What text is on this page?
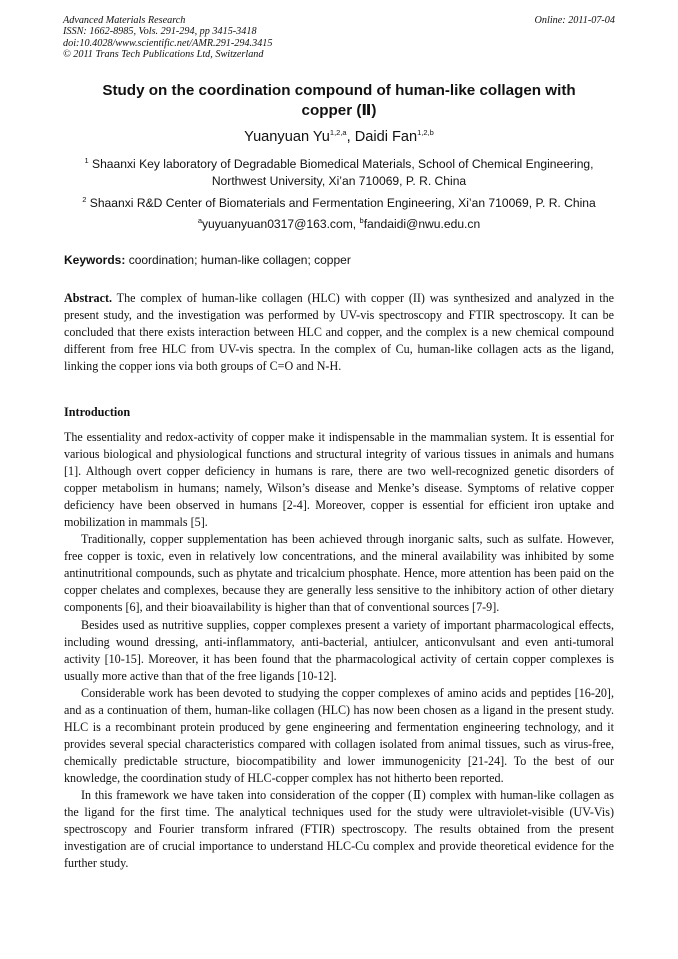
Advanced Materials Research
ISSN: 1662-8985, Vols. 291-294, pp 3415-3418
doi:10.4028/www.scientific.net/AMR.291-294.3415
© 2011 Trans Tech Publications Ltd, Switzerland
Online: 2011-07-04
Study on the coordination compound of human-like collagen with copper (Ⅱ)
Yuanyuan Yu$^{1,2,a}$, Daidi Fan$^{1,2,b}$
$^1$ Shaanxi Key laboratory of Degradable Biomedical Materials, School of Chemical Engineering, Northwest University, Xi’an 710069, P. R. China
$^2$ Shaanxi R&D Center of Biomaterials and Fermentation Engineering, Xi’an 710069, P. R. China
$^a$yuyuanyuan0317@163.com, $^b$fandaidi@nwu.edu.cn
Keywords: coordination; human-like collagen; copper
Abstract. The complex of human-like collagen (HLC) with copper (II) was synthesized and analyzed in the present study, and the investigation was performed by UV-vis spectroscopy and FTIR spectroscopy. It can be concluded that there exists interaction between HLC and copper, and the complex is a new chemical compound different from free HLC from UV-vis spectra. In the complex of Cu, human-like collagen acts as the ligand, linking the copper ions via both groups of C=O and N-H.
Introduction

The essentiality and redox-activity of copper make it indispensable in the mammalian system. It is essential for various biological and physiological functions and structural integrity of various tissues in animals and humans [1]. Although overt copper deficiency in humans is rare, there are two well-recognized genetic disorders of copper metabolism in humans; namely, Wilson’s disease and Menke’s disease. Symptoms of relative copper deficiency have been observed in humans [2-4]. Moreover, copper is essential for efficient iron uptake and mobilization in mammals [5].

Traditionally, copper supplementation has been achieved through inorganic salts, such as sulfate. However, free copper is toxic, even in relatively low concentrations, and the mineral availability was inhibited by some antinutritional compounds, such as phytate and tricalcium phosphate. Hence, more attention has been paid on the copper chelates and complexes, because they are generally less sensitive to the inhibitory action of other dietary components [6], and their bioavailability is higher than that of conventional sources [7-9].

Besides used as nutritive supplies, copper complexes present a variety of important pharmacological effects, including wound dressing, anti-inflammatory, anti-bacterial, antiulcer, anticonvulsant and even anti-tumoral activity [10-15]. Moreover, it has been found that the pharmacological activity of certain copper complexes is usually more active than that of the free ligands [10-12].

Considerable work has been devoted to studying the copper complexes of amino acids and peptides [16-20], and as a continuation of them, human-like collagen (HLC) has now been chosen as a ligand in the present study. HLC is a recombinant protein produced by gene engineering and fermentation engineering technology, and it provides several special characteristics compared with collagen isolated from animal tissues, such as virus-free, chemically predictable structure, biocompatibility and lower immunogenicity [21-24]. To the best of our knowledge, the coordination study of HLC-copper complex has not hitherto been reported.

In this framework we have taken into consideration of the copper (Ⅱ) complex with human-like collagen as the ligand for the first time. The analytical techniques used for the study were ultraviolet-visible (UV-Vis) spectroscopy and Fourier transform infrared (FTIR) spectroscopy. The results obtained from the present investigation are of crucial importance to understand HLC-Cu complex and provide theoretical evidence for the further study.
